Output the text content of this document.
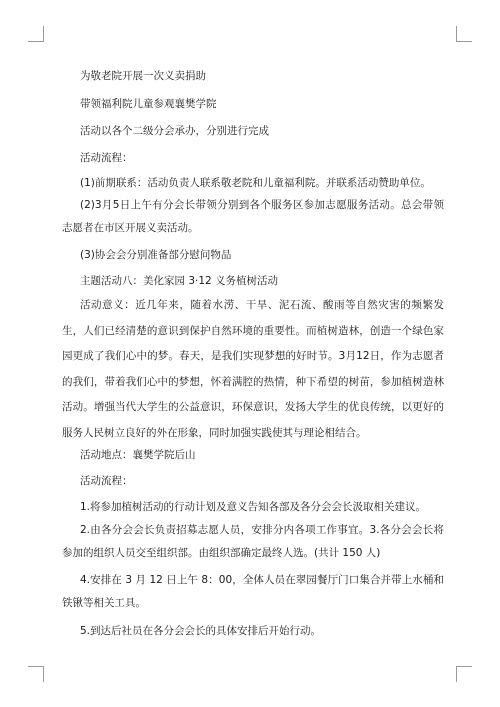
为敬老院开展一次义卖捐助
带领福利院儿童参观襄樊学院
活动以各个二级分会承办，分别进行完成
活动流程：
(1)前期联系：活动负责人联系敬老院和儿童福利院。并联系活动赞助单位。

(2)3月5日上午有分会长带领分别到各个服务区参加志愿服务活动。总会带领志愿者在市区开展义卖活动。

(3)协会会分别准备部分慰问物品
主题活动八：美化家园 3·12 义务植树活动

活动意义：近几年来，随着水涝、干旱、泥石流、酸雨等自然灾害的频繁发生，人们已经清楚的意识到保护自然环境的重要性。而植树造林，创造一个绿色家园更成了我们心中的梦。春天，是我们实现梦想的好时节。3月12日，作为志愿者的我们，带着我们心中的梦想，怀着满腔的热情，种下希望的树苗，参加植树造林活动。增强当代大学生的公益意识，环保意识，发扬大学生的优良传统，以更好的服务人民树立良好的外在形象，同时加强实践使其与理论相结合。

活动地点：襄樊学院后山
活动流程：
1.将参加植树活动的行动计划及意义告知各部及各分会会长汲取相关建议。

2.由各分会会长负责招募志愿人员，安排分内各项工作事宜。3.各分会会长将参加的组织人员交至组织部。由组织部确定最终人选。(共计 150 人)

4.安排在 3 月 12 日上午 8：00，全体人员在翠园餐厅门口集合并带上水桶和铁锹等相关工具。

5.到达后社员在各分会会长的具体安排后开始行动。
